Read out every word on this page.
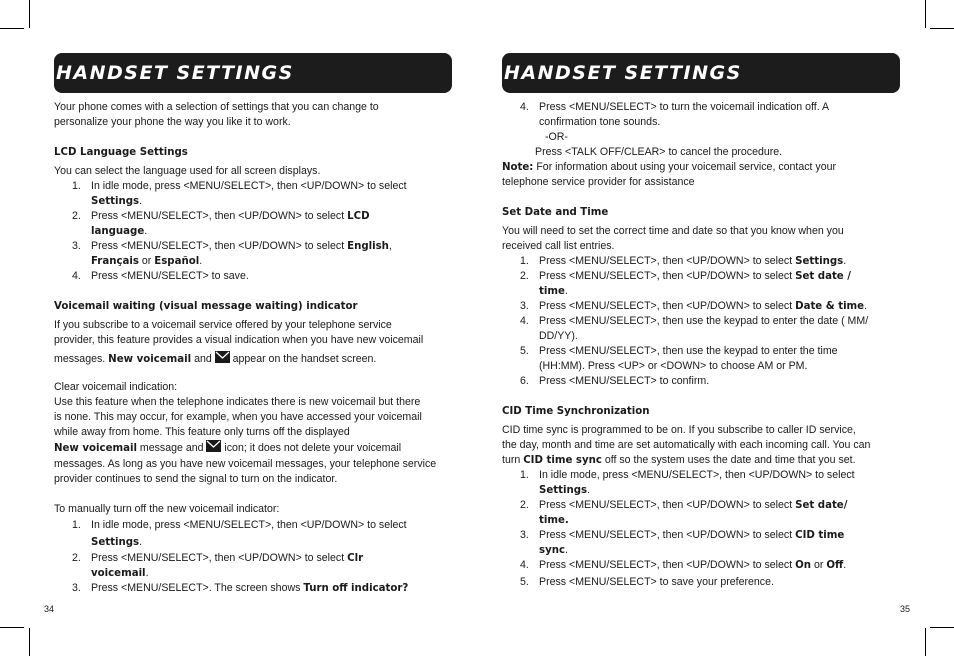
HANDSET SETTINGS

Your phone comes with a selection of settings that you can change to
personalize your phone the way you like it to work.

LCD Language Settings

You can select the language used for all screen displays.

1. In idle mode, press <MENU/SELECT>, then <UP/DOWN> to select
Settings.
2. Press <MENU/SELECT>, then <UP/DOWN> to select LCD
language.
3. Press <MENU/SELECT>, then <UP/DOWN> to select English,
Français or Español.
4. Press <MENU/SELECT> to save.

Voicemail waiting (visual message waiting) indicator

If you subscribe to a voicemail service offered by your telephone service
provider, this feature provides a visual indication when you have new voicemail
messages. New voicemail and  appear on the handset screen.

Clear voicemail indication:

Use this feature when the telephone indicates there is new voicemail but there
is none. This may occur, for example, when you have accessed your voicemail
while away from home. This feature only turns off the displayed
New voicemail message and  icon; it does not delete your voicemail
messages. As long as you have new voicemail messages, your telephone service
provider continues to send the signal to turn on the indicator.

To manually turn off the new voicemail indicator:

1. In idle mode, press <MENU/SELECT>, then <UP/DOWN> to select
Settings.
2. Press <MENU/SELECT>, then <UP/DOWN> to select Clr
voicemail.
3. Press <MENU/SELECT>. The screen shows Turn off indicator?
HANDSET SETTINGS
4. Press <MENU/SELECT> to turn the voicemail indication off. A
confirmation tone sounds.
-OR-

Press <TALK OFF/CLEAR> to cancel the procedure.

Note: For information about using your voicemail service, contact your
telephone service provider for assistance

Set Date and Time

You will need to set the correct time and date so that you know when you
received call list entries.

1. Press <MENU/SELECT>, then <UP/DOWN> to select Settings.
2. Press <MENU/SELECT>, then <UP/DOWN> to select Set date /
time.
3. Press <MENU/SELECT>, then <UP/DOWN> to select Date & time.
4. Press <MENU/SELECT>, then use the keypad to enter the date ( MM/
DD/YY).
5. Press <MENU/SELECT>, then use the keypad to enter the time
(HH:MM). Press <UP> or <DOWN> to choose AM or PM.
6. Press <MENU/SELECT> to confirm.

CID Time Synchronization

CID time sync is programmed to be on. If you subscribe to caller ID service,
the day, month and time are set automatically with each incoming call. You can
turn CID time sync off so the system uses the date and time that you set.

1. In idle mode, press <MENU/SELECT>, then <UP/DOWN> to select
Settings.
2. Press <MENU/SELECT>, then <UP/DOWN> to select Set date/
time.
3. Press <MENU/SELECT>, then <UP/DOWN> to select CID time
sync.
4. Press <MENU/SELECT>, then <UP/DOWN> to select On or Off.
5. Press <MENU/SELECT> to save your preference.
34	35
